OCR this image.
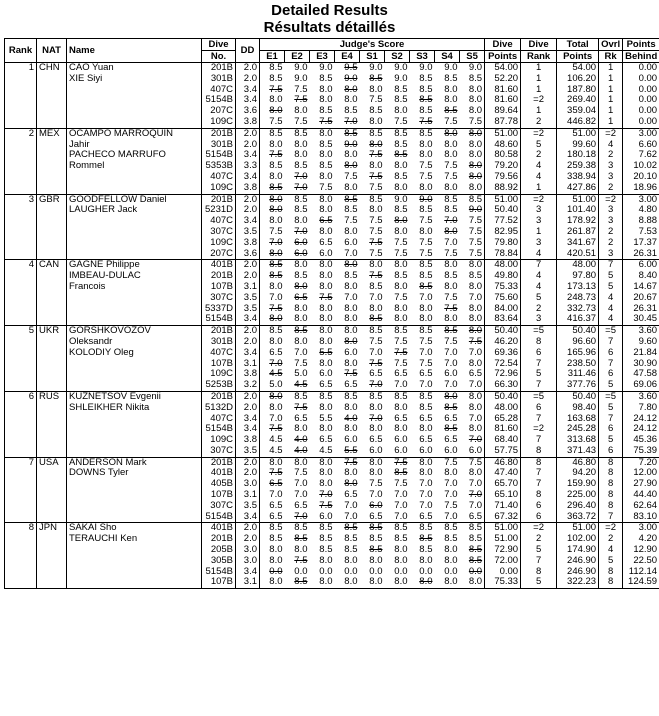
Detailed Results
Résultats détaillés
Rank	NAT	Name	Dive	DD	Judge's Score									Dive	Dive	Total	Ovrl	Points
			No.		E1	E2	E3	E4	S1	S2	S3	S4	S5	Points	Rank	Points	Rk	Behind
1	CHN	CAO Yuan	201B	2.0	8.5	9.0	9.0	9.5	9.0	9.0	9.0	9.0	9.0	54.00	1	54.00	1	0.00
		XIE Siyi	301B	2.0	8.5	9.0	8.5	9.0	8.5	9.0	8.5	8.5	8.5	52.20	1	106.20	1	0.00
			407C	3.4	7.5	7.5	8.0	8.0	8.0	8.5	8.5	8.0	8.0	81.60	1	187.80	1	0.00
			5154B	3.4	8.0	7.5	8.0	8.0	7.5	8.5	8.5	8.0	8.0	81.60	=2	269.40	1	0.00
			207C	3.6	8.0	8.0	8.5	8.5	8.5	8.0	8.5	8.5	8.0	89.64	1	359.04	1	0.00
			109C	3.8	7.5	7.5	7.5	7.0	8.0	7.5	7.5	7.5	7.5	87.78	2	446.82	1	0.00
2	MEX	OCAMPO MARROQUIN	201B	2.0	8.5	8.5	8.0	8.5	8.5	8.5	8.5	8.0	8.0	51.00	=2	51.00	=2	3.00
		Jahir	301B	2.0	8.0	8.0	8.5	9.0	8.0	8.5	8.0	8.0	8.0	48.60	5	99.60	4	6.60
		PACHECO MARRUFO	5154B	3.4	7.5	8.0	8.0	8.0	7.5	8.5	8.0	8.0	8.0	80.58	2	180.18	2	7.62
		Rommel	5353B	3.3	8.5	8.5	8.5	8.0	8.0	8.0	7.5	7.5	8.0	79.20	4	259.38	3	10.02
			407C	3.4	8.0	7.0	8.0	7.5	7.5	8.5	7.5	7.5	8.0	79.56	4	338.94	3	20.10
			109C	3.8	8.5	7.0	7.5	8.0	7.5	8.0	8.0	8.0	8.0	88.92	1	427.86	2	18.96
3	GBR	GOODFELLOW Daniel	201B	2.0	8.0	8.5	8.0	8.5	8.5	9.0	9.0	8.5	8.5	51.00	=2	51.00	=2	3.00
		LAUGHER Jack	5231D	2.0	8.0	8.5	8.0	8.5	8.0	8.5	8.5	8.5	9.0	50.40	3	101.40	3	4.80
			407C	3.4	8.0	8.0	6.5	7.5	7.5	8.0	7.5	7.0	7.5	77.52	3	178.92	3	8.88
			307C	3.5	7.5	7.0	8.0	8.0	7.5	8.0	8.0	8.0	7.5	82.95	1	261.87	2	7.53
			109C	3.8	7.0	6.0	6.5	6.0	7.5	7.5	7.5	7.0	7.5	79.80	3	341.67	2	17.37
			207C	3.6	8.0	6.0	6.0	7.0	7.5	7.5	7.5	7.5	7.5	78.84	4	420.51	3	26.31
4	CAN	GAGNE Philippe	401B	2.0	8.5	8.0	8.0	8.0	8.0	8.0	8.5	8.0	8.0	48.00	7	48.00	7	6.00
		IMBEAU-DULAC	201B	2.0	8.5	8.5	8.0	8.5	7.5	8.5	8.5	8.5	8.5	49.80	4	97.80	5	8.40
		Francois	107B	3.1	8.0	8.0	8.0	8.0	8.5	8.0	8.5	8.0	8.0	75.33	4	173.13	5	14.67
			307C	3.5	7.0	6.5	7.5	7.0	7.0	7.5	7.0	7.5	7.0	75.60	5	248.73	4	20.67
			5337D	3.5	7.5	8.0	8.0	8.0	8.0	8.0	8.0	7.5	8.0	84.00	2	332.73	4	26.31
			5154B	3.4	8.0	8.0	8.0	8.0	8.5	8.0	8.0	8.0	8.0	83.64	3	416.37	4	30.45
5	UKR	GORSHKOVOZOV	201B	2.0	8.5	8.5	8.0	8.0	8.5	8.5	8.5	8.5	8.0	50.40	=5	50.40	=5	3.60
		Oleksandr	301B	2.0	8.0	8.0	8.0	8.0	7.5	7.5	7.5	7.5	7.5	46.20	8	96.60	7	9.60
		KOLODIY Oleg	407C	3.4	6.5	7.0	5.5	6.0	7.0	7.5	7.0	7.0	7.0	69.36	6	165.96	6	21.84
			107B	3.1	7.0	7.5	8.0	8.0	7.5	7.5	7.5	7.0	8.0	72.54	7	238.50	7	30.90
			109C	3.8	4.5	5.0	6.0	7.5	6.5	6.5	6.5	6.0	6.5	72.96	5	311.46	6	47.58
			5253B	3.2	5.0	4.5	6.5	6.5	7.0	7.0	7.0	7.0	7.0	66.30	7	377.76	5	69.06
6	RUS	KUZNETSOV Evgenii	201B	2.0	8.0	8.5	8.5	8.5	8.5	8.5	8.5	8.0	8.0	50.40	=5	50.40	=5	3.60
		SHLEIKHER Nikita	5132D	2.0	8.0	7.5	8.0	8.0	8.0	8.0	8.5	8.5	8.0	48.00	6	98.40	5	7.80
			407C	3.4	7.0	6.5	5.5	4.0	7.0	6.5	6.5	6.5	7.0	65.28	7	163.68	7	24.12
			5154B	3.4	7.5	8.0	8.0	8.0	8.0	8.0	8.0	8.5	8.0	81.60	=2	245.28	6	24.12
			109C	3.8	4.5	4.0	6.5	6.0	6.5	6.0	6.5	6.5	7.0	68.40	7	313.68	5	45.36
			307C	3.5	4.5	4.0	4.5	5.5	6.0	6.0	6.0	6.0	6.0	57.75	8	371.43	6	75.39
7	USA	ANDERSON Mark	201B	2.0	8.0	8.0	8.0	7.5	8.0	7.5	8.0	7.5	7.5	46.80	8	46.80	8	7.20
		DOWNS Tyler	401B	2.0	7.5	7.5	8.0	8.0	8.0	8.5	8.0	8.0	8.0	47.40	7	94.20	8	12.00
			405B	3.0	6.5	7.0	8.0	8.0	7.5	7.5	7.0	7.0	7.0	65.70	7	159.90	8	27.90
			107B	3.1	7.0	7.0	7.0	6.5	7.0	7.0	7.0	7.0	7.0	65.10	8	225.00	8	44.40
			307C	3.5	6.5	6.5	7.5	7.0	6.0	7.0	7.0	7.5	7.0	71.40	6	296.40	8	62.64
			5154B	3.4	6.5	7.0	6.0	7.0	6.5	7.0	6.5	7.0	6.5	67.32	6	363.72	7	83.10
8	JPN	SAKAI Sho	401B	2.0	8.5	8.5	8.5	8.5	8.5	8.5	8.5	8.5	8.5	51.00	=2	51.00	=2	3.00
		TERAUCHI Ken	201B	2.0	8.5	8.5	8.5	8.5	8.5	8.5	8.5	8.5	8.5	51.00	2	102.00	2	4.20
			205B	3.0	8.0	8.0	8.5	8.5	8.5	8.0	8.5	8.0	8.5	72.90	5	174.90	4	12.90
			305B	3.0	8.0	7.5	8.0	8.0	8.0	8.0	8.0	8.0	8.5	72.00	7	246.90	5	22.50
			5154B	3.4	0.0	0.0	0.0	0.0	0.0	0.0	0.0	0.0	0.0	0.00	8	246.90	8	112.14
			107B	3.1	8.0	8.5	8.0	8.0	8.0	8.0	8.0	8.0	8.0	75.33	5	322.23	8	124.59
